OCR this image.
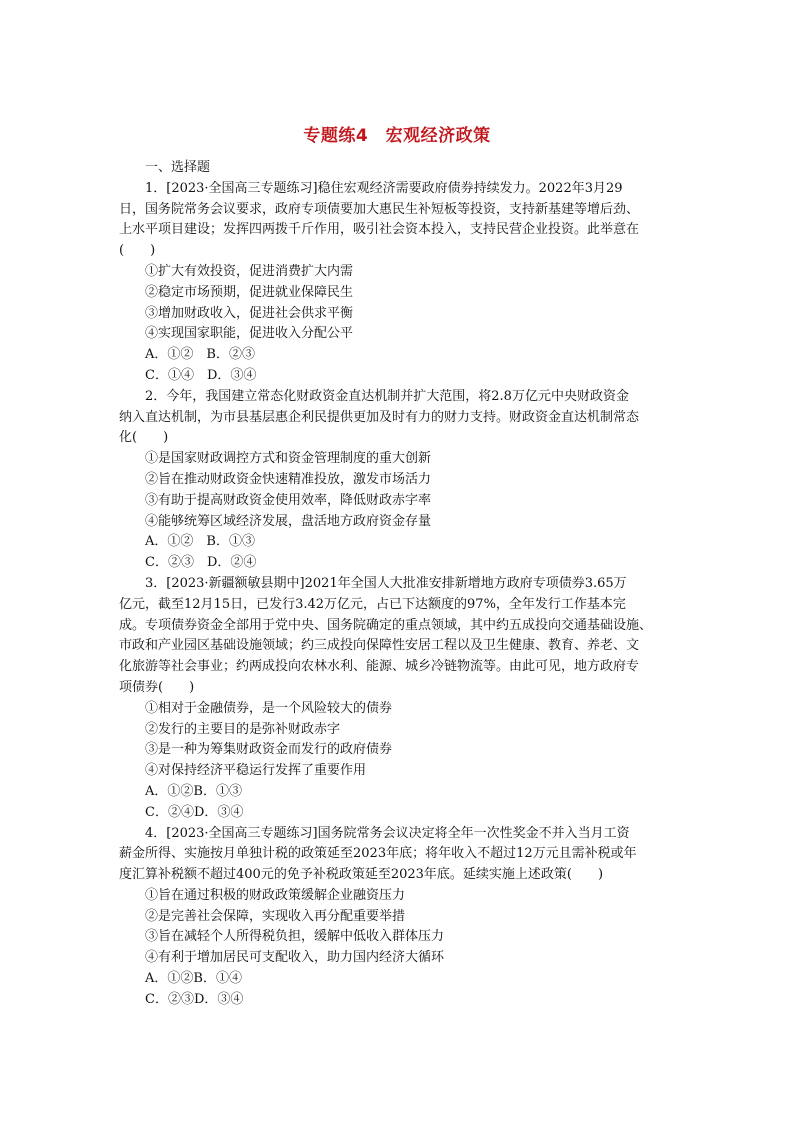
专题练4　宏观经济政策
一、选择题
1．[2023·全国高三专题练习]稳住宏观经济需要政府债券持续发力。2022年3月29
日，国务院常务会议要求，政府专项债要加大惠民生补短板等投资，支持新基建等增后劲、
上水平项目建设；发挥四两拨千斤作用，吸引社会资本投入，支持民营企业投资。此举意在
(　　)
①扩大有效投资，促进消费扩大内需
②稳定市场预期，促进就业保障民生
③增加财政收入，促进社会供求平衡
④实现国家职能，促进收入分配公平
A．①②　B．②③
C．①④　D．③④
2．今年，我国建立常态化财政资金直达机制并扩大范围，将2.8万亿元中央财政资金
纳入直达机制，为市县基层惠企利民提供更加及时有力的财力支持。财政资金直达机制常态
化(　　)
①是国家财政调控方式和资金管理制度的重大创新
②旨在推动财政资金快速精准投放，激发市场活力
③有助于提高财政资金使用效率，降低财政赤字率
④能够统筹区域经济发展，盘活地方政府资金存量
A．①②　B．①③
C．②③　D．②④
3．[2023·新疆额敏县期中]2021年全国人大批准安排新增地方政府专项债券3.65万
亿元，截至12月15日，已发行3.42万亿元，占已下达额度的97%，全年发行工作基本完
成。专项债券资金全部用于党中央、国务院确定的重点领域，其中约五成投向交通基础设施、
市政和产业园区基础设施领域；约三成投向保障性安居工程以及卫生健康、教育、养老、文
化旅游等社会事业；约两成投向农林水利、能源、城乡冷链物流等。由此可见，地方政府专
项债券(　　)
①相对于金融债券，是一个风险较大的债券
②发行的主要目的是弥补财政赤字
③是一种为筹集财政资金而发行的政府债券
④对保持经济平稳运行发挥了重要作用
A．①②B．①③
C．②④D．③④
4．[2023·全国高三专题练习]国务院常务会议决定将全年一次性奖金不并入当月工资
薪金所得、实施按月单独计税的政策延至2023年底；将年收入不超过12万元且需补税或年
度汇算补税额不超过400元的免予补税政策延至2023年底。延续实施上述政策(　　)
①旨在通过积极的财政政策缓解企业融资压力
②是完善社会保障，实现收入再分配重要举措
③旨在减轻个人所得税负担，缓解中低收入群体压力
④有利于增加居民可支配收入，助力国内经济大循环
A．①②B．①④
C．②③D．③④
